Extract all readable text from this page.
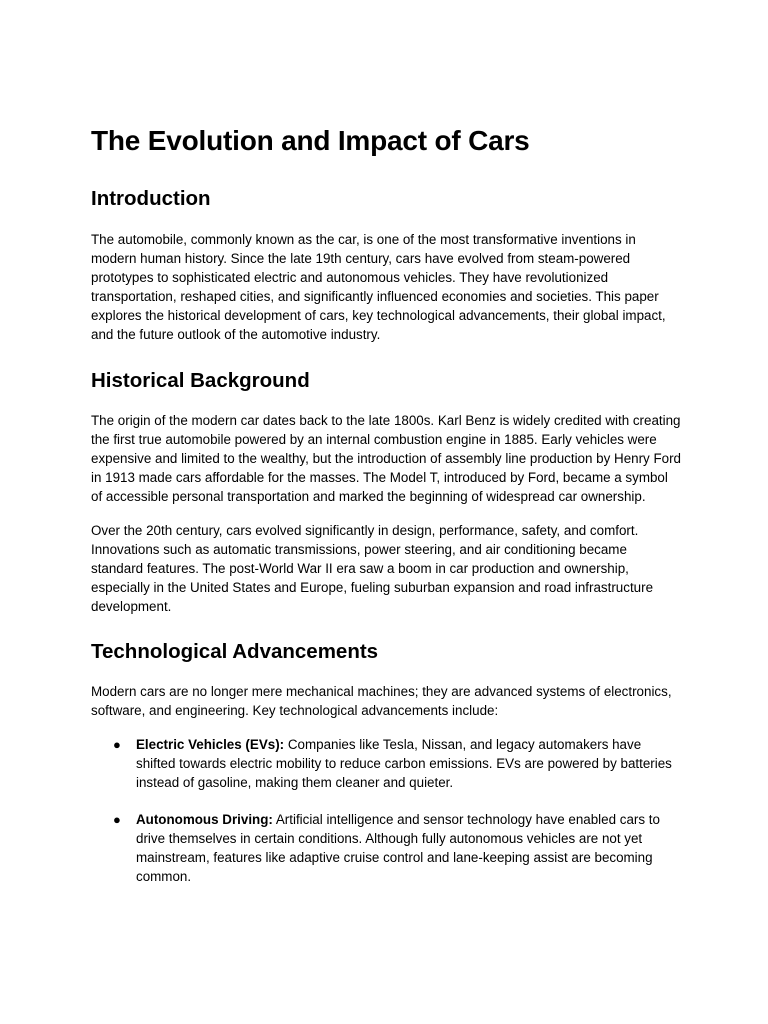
The Evolution and Impact of Cars
Introduction

The automobile, commonly known as the car, is one of the most transformative inventions in modern human history. Since the late 19th century, cars have evolved from steam-powered prototypes to sophisticated electric and autonomous vehicles. They have revolutionized transportation, reshaped cities, and significantly influenced economies and societies. This paper explores the historical development of cars, key technological advancements, their global impact, and the future outlook of the automotive industry.

Historical Background

The origin of the modern car dates back to the late 1800s. Karl Benz is widely credited with creating the first true automobile powered by an internal combustion engine in 1885. Early vehicles were expensive and limited to the wealthy, but the introduction of assembly line production by Henry Ford in 1913 made cars affordable for the masses. The Model T, introduced by Ford, became a symbol of accessible personal transportation and marked the beginning of widespread car ownership.

Over the 20th century, cars evolved significantly in design, performance, safety, and comfort. Innovations such as automatic transmissions, power steering, and air conditioning became standard features. The post-World War II era saw a boom in car production and ownership, especially in the United States and Europe, fueling suburban expansion and road infrastructure development.

Technological Advancements

Modern cars are no longer mere mechanical machines; they are advanced systems of electronics, software, and engineering. Key technological advancements include:

● Electric Vehicles (EVs): Companies like Tesla, Nissan, and legacy automakers have shifted towards electric mobility to reduce carbon emissions. EVs are powered by batteries instead of gasoline, making them cleaner and quieter.
● Autonomous Driving: Artificial intelligence and sensor technology have enabled cars to drive themselves in certain conditions. Although fully autonomous vehicles are not yet mainstream, features like adaptive cruise control and lane-keeping assist are becoming common.
